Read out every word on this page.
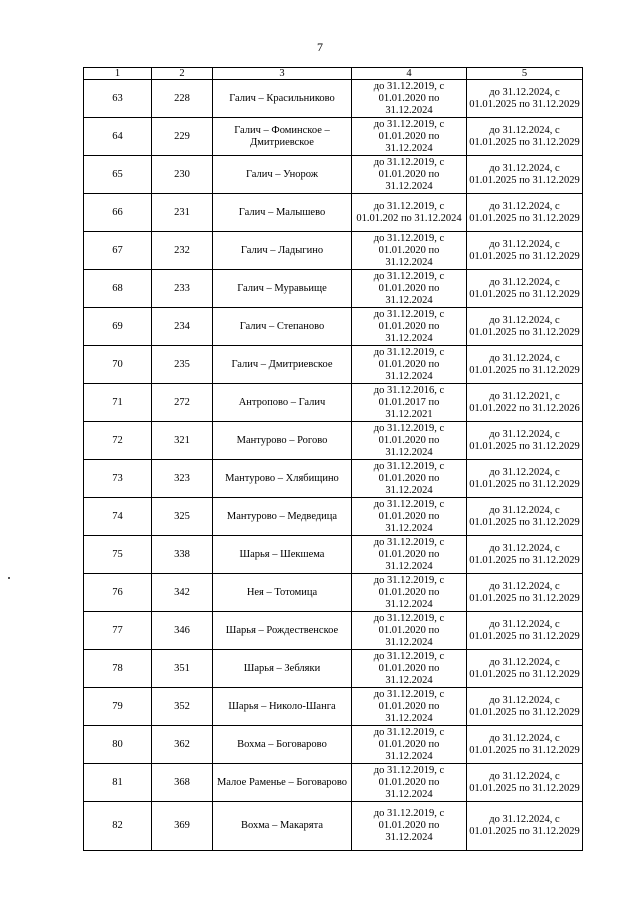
7
1	2	3	4	5
63	228	Галич – Красильниково	до 31.12.2019, с 01.01.2020 по 31.12.2024	до 31.12.2024, с 01.01.2025 по 31.12.2029
64	229	Галич – Фоминское – Дмитриевское	до 31.12.2019, с 01.01.2020 по 31.12.2024	до 31.12.2024, с 01.01.2025 по 31.12.2029
65	230	Галич – Унорож	до 31.12.2019, с 01.01.2020 по 31.12.2024	до 31.12.2024, с 01.01.2025 по 31.12.2029
66	231	Галич – Малышево	до 31.12.2019, с 01.01.202 по 31.12.2024	до 31.12.2024, с 01.01.2025 по 31.12.2029
67	232	Галич – Ладыгино	до 31.12.2019, с 01.01.2020 по 31.12.2024	до 31.12.2024, с 01.01.2025 по 31.12.2029
68	233	Галич – Муравьище	до 31.12.2019, с 01.01.2020 по 31.12.2024	до 31.12.2024, с 01.01.2025 по 31.12.2029
69	234	Галич – Степаново	до 31.12.2019, с 01.01.2020 по 31.12.2024	до 31.12.2024, с 01.01.2025 по 31.12.2029
70	235	Галич – Дмитриевское	до 31.12.2019, с 01.01.2020 по 31.12.2024	до 31.12.2024, с 01.01.2025 по 31.12.2029
71	272	Антропово – Галич	до 31.12.2016, с 01.01.2017 по 31.12.2021	до 31.12.2021, с 01.01.2022 по 31.12.2026
72	321	Мантурово – Рогово	до 31.12.2019, с 01.01.2020 по 31.12.2024	до 31.12.2024, с 01.01.2025 по 31.12.2029
73	323	Мантурово – Хлябищино	до 31.12.2019, с 01.01.2020 по 31.12.2024	до 31.12.2024, с 01.01.2025 по 31.12.2029
74	325	Мантурово – Медведица	до 31.12.2019, с 01.01.2020 по 31.12.2024	до 31.12.2024, с 01.01.2025 по 31.12.2029
75	338	Шарья – Шекшема	до 31.12.2019, с 01.01.2020 по 31.12.2024	до 31.12.2024, с 01.01.2025 по 31.12.2029
76	342	Нея – Тотомица	до 31.12.2019, с 01.01.2020 по 31.12.2024	до 31.12.2024, с 01.01.2025 по 31.12.2029
77	346	Шарья – Рождественское	до 31.12.2019, с 01.01.2020 по 31.12.2024	до 31.12.2024, с 01.01.2025 по 31.12.2029
78	351	Шарья – Зебляки	до 31.12.2019, с 01.01.2020 по 31.12.2024	до 31.12.2024, с 01.01.2025 по 31.12.2029
79	352	Шарья – Николо-Шанга	до 31.12.2019, с 01.01.2020 по 31.12.2024	до 31.12.2024, с 01.01.2025 по 31.12.2029
80	362	Вохма – Боговарово	до 31.12.2019, с 01.01.2020 по 31.12.2024	до 31.12.2024, с 01.01.2025 по 31.12.2029
81	368	Малое Раменье – Боговарово	до 31.12.2019, с 01.01.2020 по 31.12.2024	до 31.12.2024, с 01.01.2025 по 31.12.2029
82	369	Вохма – Макарята	до 31.12.2019, с 01.01.2020 по 31.12.2024	до 31.12.2024, с 01.01.2025 по 31.12.2029
